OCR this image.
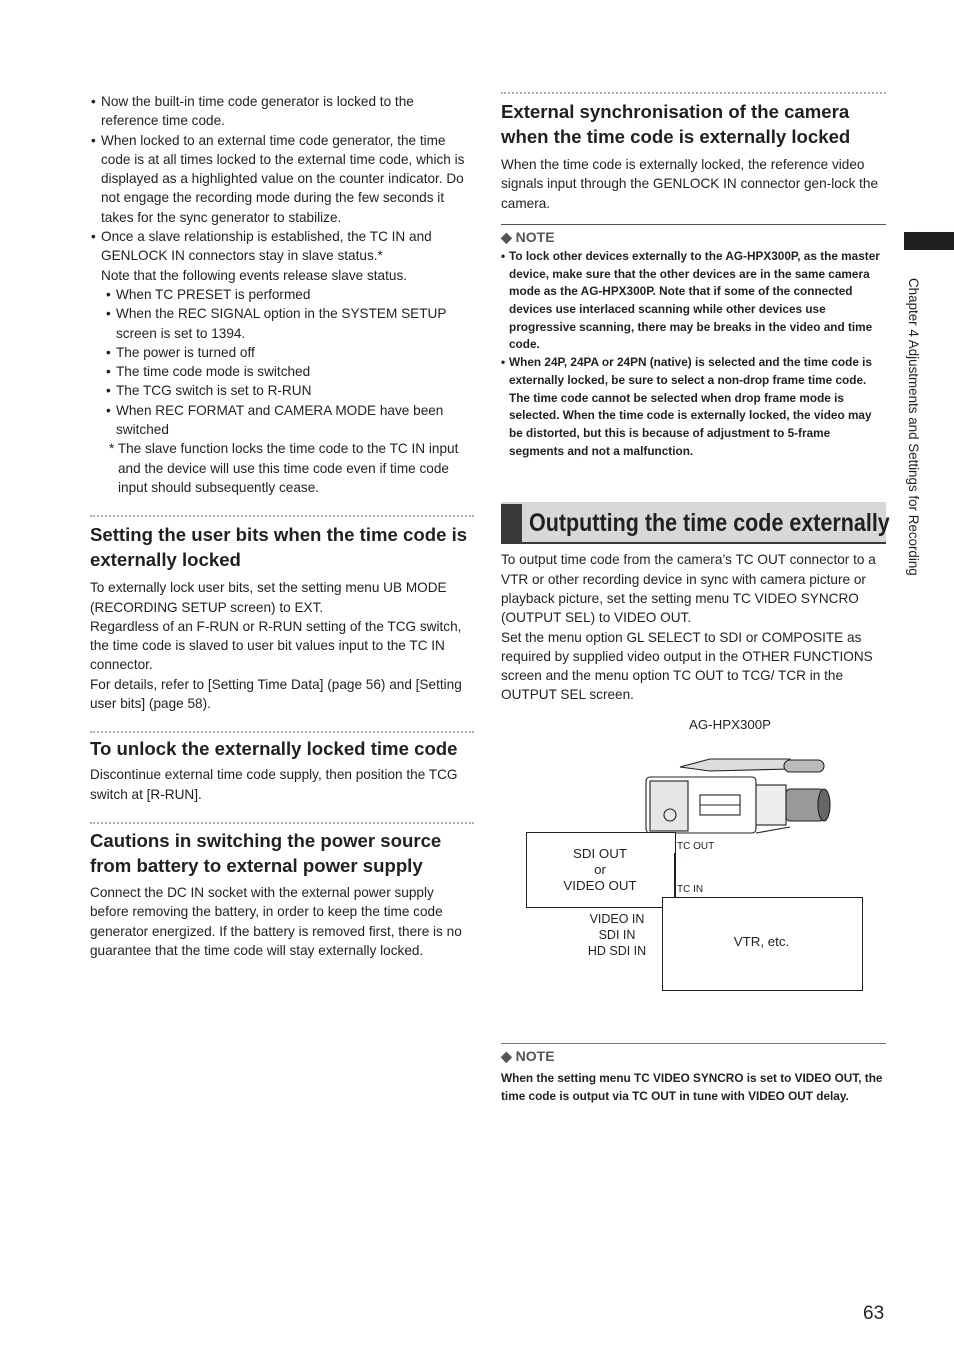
• Now the built-in time code generator is locked to the reference time code.
• When locked to an external time code generator, the time code is at all times locked to the external time code, which is displayed as a highlighted value on the counter indicator. Do not engage the recording mode during the few seconds it takes for the sync generator to stabilize.
• Once a slave relationship is established, the TC IN and GENLOCK IN connectors stay in slave status.*

Note that the following events release slave status.

• When TC PRESET is performed
• When the REC SIGNAL option in the SYSTEM SETUP screen is set to 1394.
• The power is turned off
• The time code mode is switched
• The TCG switch is set to R-RUN
• When REC FORMAT and CAMERA MODE have been switched

* The slave function locks the time code to the TC IN input and the device will use this time code even if time code input should subsequently cease.

Setting the user bits when the time code is externally locked

To externally lock user bits, set the setting menu UB MODE (RECORDING SETUP screen) to EXT.

Regardless of an F-RUN or R-RUN setting of the TCG switch, the time code is slaved to user bit values input to the TC IN connector.

For details, refer to [Setting Time Data] (page 56) and [Setting user bits] (page 58).

To unlock the externally locked time code

Discontinue external time code supply, then position the TCG switch at [R-RUN].

Cautions in switching the power source from battery to external power supply

Connect the DC IN socket with the external power supply before removing the battery, in order to keep the time code generator energized. If the battery is removed first, there is no guarantee that the time code will stay externally locked.

External synchronisation of the camera when the time code is externally locked

When the time code is externally locked, the reference video signals input through the GENLOCK IN connector gen-lock the camera.

◆ NOTE
• To lock other devices externally to the AG-HPX300P, as the master device, make sure that the other devices are in the same camera mode as the AG-HPX300P. Note that if some of the connected devices use interlaced scanning while other devices use progressive scanning, there may be breaks in the video and time code.
• When 24P, 24PA or 24PN (native) is selected and the time code is externally locked, be sure to select a non-drop frame time code. The time code cannot be selected when drop frame mode is selected. When the time code is externally locked, the video may be distorted, but this is because of adjustment to 5-frame segments and not a malfunction.
Outputting the time code externally

To output time code from the camera’s TC OUT connector to a VTR or other recording device in sync with camera picture or playback picture, set the setting menu TC VIDEO SYNCRO (OUTPUT SEL) to VIDEO OUT.

Set the menu option GL SELECT to SDI or COMPOSITE as required by supplied video output in the OTHER FUNCTIONS screen and the menu option TC OUT to TCG/ TCR in the OUTPUT SEL screen.

AG-HPX300P
SDI OUT
or
VIDEO OUT
TC OUT
TC IN
VTR, etc.
VIDEO IN
SDI IN
HD SDI IN
◆ NOTE

When the setting menu TC VIDEO SYNCRO is set to VIDEO OUT, the time code is output via TC OUT in tune with VIDEO OUT delay.

Chapter 4 Adjustments and Settings for Recording
63
